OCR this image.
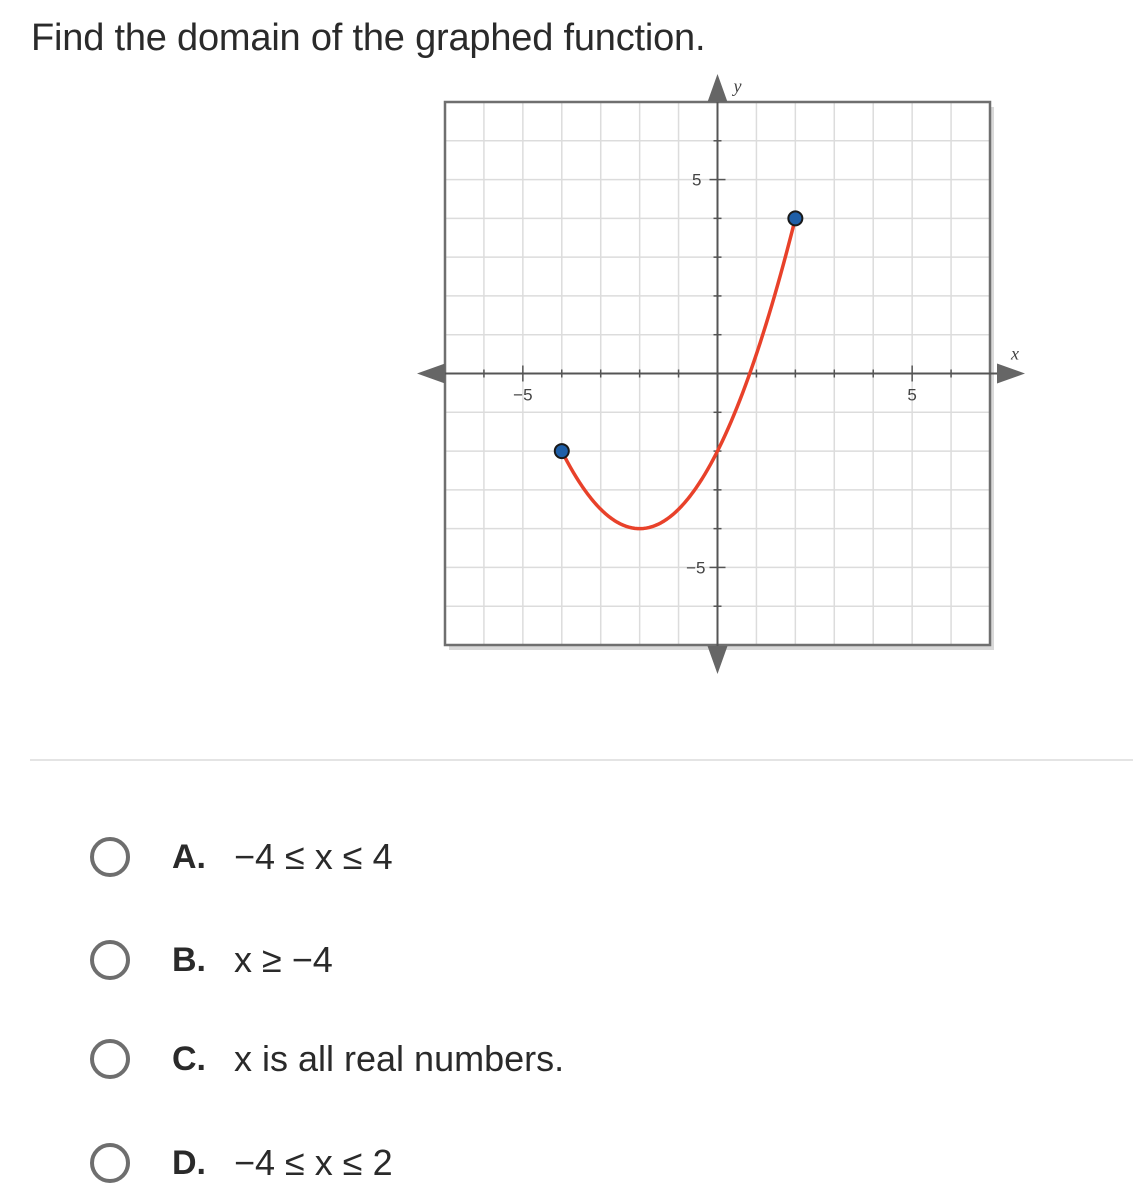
Find the domain of the graphed function.
−5	5
5
−5
x
y
A. −4 ≤ x ≤ 4
B. x ≥ −4
C. x is all real numbers.
D. −4 ≤ x ≤ 2
